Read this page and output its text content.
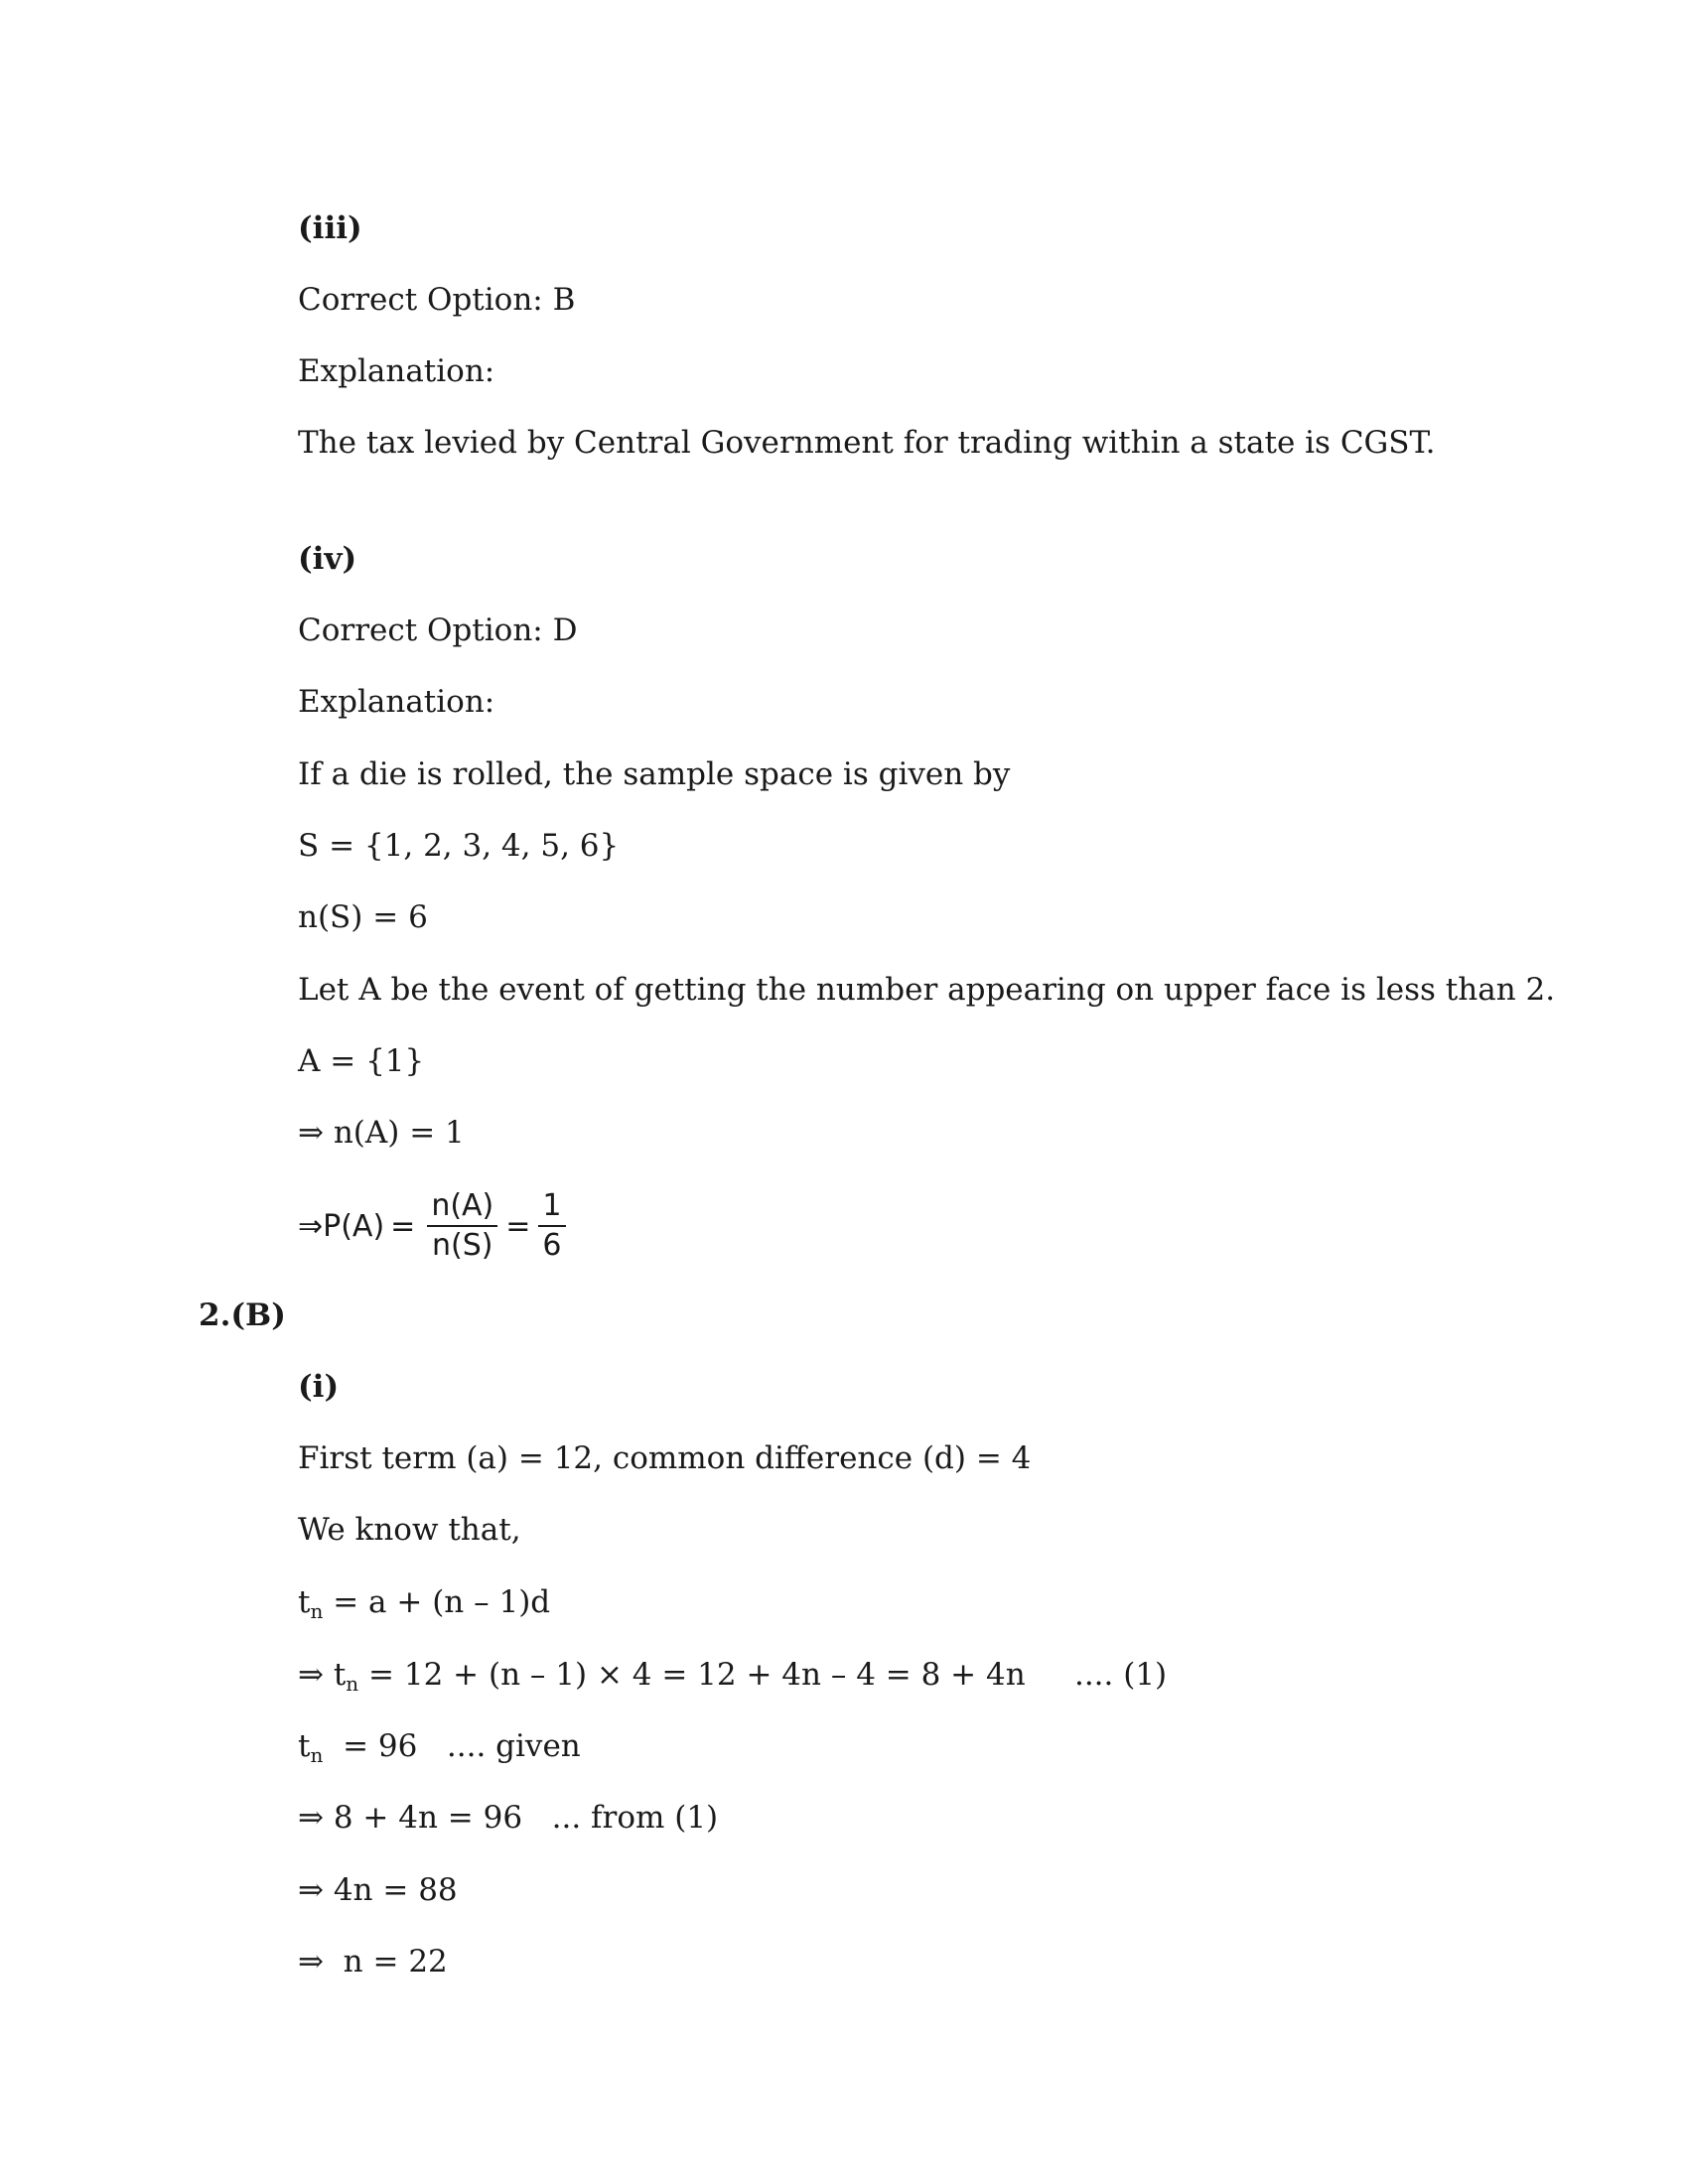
(iii)
Correct Option: B
Explanation:
The tax levied by Central Government for trading within a state is CGST.
(iv)
Correct Option: D
Explanation:
If a die is rolled, the sample space is given by
S = {1, 2, 3, 4, 5, 6}
n(S) = 6
Let A be the event of getting the number appearing on upper face is less than 2.
A = {1}
⇒ n(A) = 1
⇒P(A) = $\frac{n(A)}{n(S)} = \frac{1}{6}$
2.(B)
(i)
First term (a) = 12, common difference (d) = 4
We know that,
$t_n = a + (n - 1)d$
⇒ $t_n = 12 + (n - 1) \times 4 = 12 + 4n - 4 = 8 + 4n$     .... (1)
$t_n = 96$   .... given
⇒ 8 + 4n = 96   ... from (1)
⇒ 4n = 88
⇒  n = 22
